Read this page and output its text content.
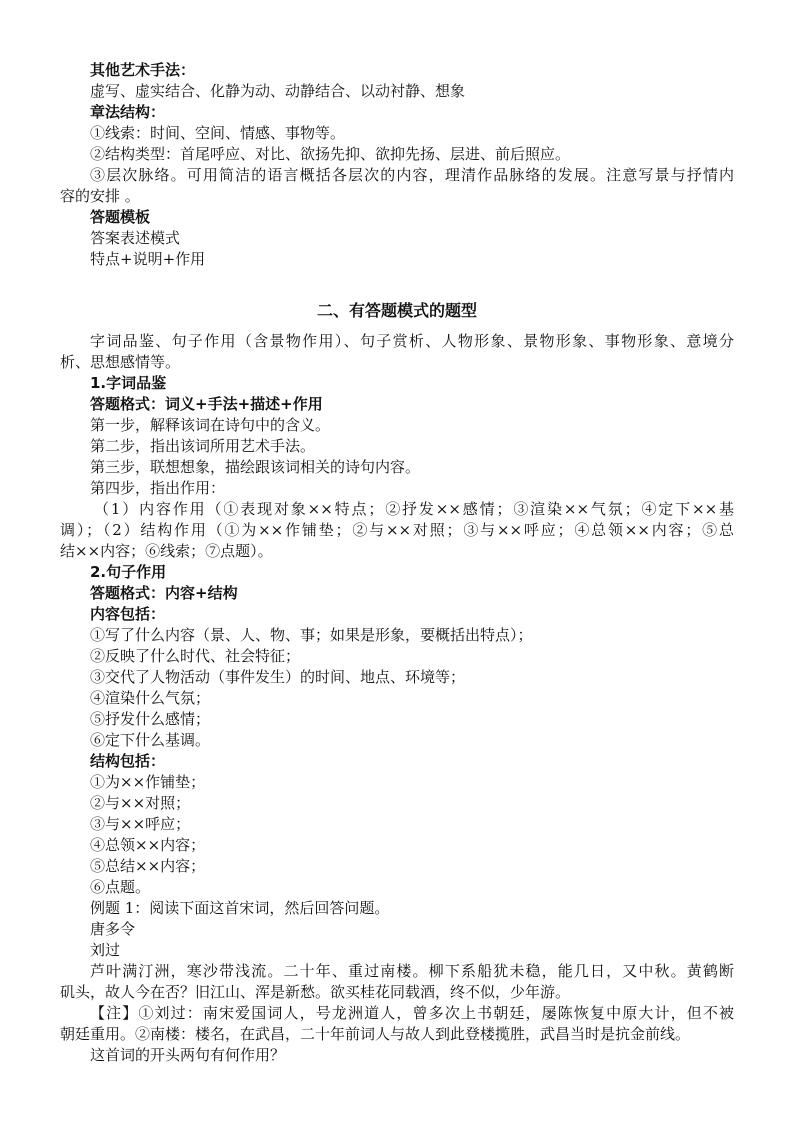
其他艺术手法：
虚写、虚实结合、化静为动、动静结合、以动衬静、想象
章法结构：
①线索：时间、空间、情感、事物等。
②结构类型：首尾呼应、对比、欲扬先抑、欲抑先扬、层进、前后照应。
③层次脉络。可用简洁的语言概括各层次的内容，理清作品脉络的发展。注意写景与抒情内
容的安排 。
答题模板
答案表述模式
特点+说明+作用
二、有答题模式的题型
字词品鉴、句子作用（含景物作用）、句子赏析、人物形象、景物形象、事物形象、意境分
析、思想感情等。
1.字词品鉴
答题格式：词义+手法+描述+作用
第一步，解释该词在诗句中的含义。
第二步，指出该词所用艺术手法。
第三步，联想想象，描绘跟该词相关的诗句内容。
第四步，指出作用：
（1）内容作用（①表现对象××特点；②抒发××感情；③渲染××气氛；④定下××基
调）；（2）结构作用（①为××作铺垫；②与××对照；③与××呼应；④总领××内容；⑤总
结××内容；⑥线索；⑦点题）。
2.句子作用
答题格式：内容+结构
内容包括：
①写了什么内容（景、人、物、事；如果是形象，要概括出特点）；
②反映了什么时代、社会特征；
③交代了人物活动（事件发生）的时间、地点、环境等；
④渲染什么气氛；
⑤抒发什么感情；
⑥定下什么基调。
结构包括：
①为××作铺垫；
②与××对照；
③与××呼应；
④总领××内容；
⑤总结××内容；
⑥点题。
例题 1：阅读下面这首宋词，然后回答问题。
唐多令
刘过
芦叶满汀洲，寒沙带浅流。二十年、重过南楼。柳下系船犹未稳，能几日，又中秋。黄鹤断
矶头，故人今在否？旧江山、浑是新愁。欲买桂花同载酒，终不似，少年游。
【注】①刘过：南宋爱国词人，号龙洲道人，曾多次上书朝廷，屡陈恢复中原大计，但不被
朝廷重用。②南楼：楼名，在武昌，二十年前词人与故人到此登楼揽胜，武昌当时是抗金前线。
这首词的开头两句有何作用？
